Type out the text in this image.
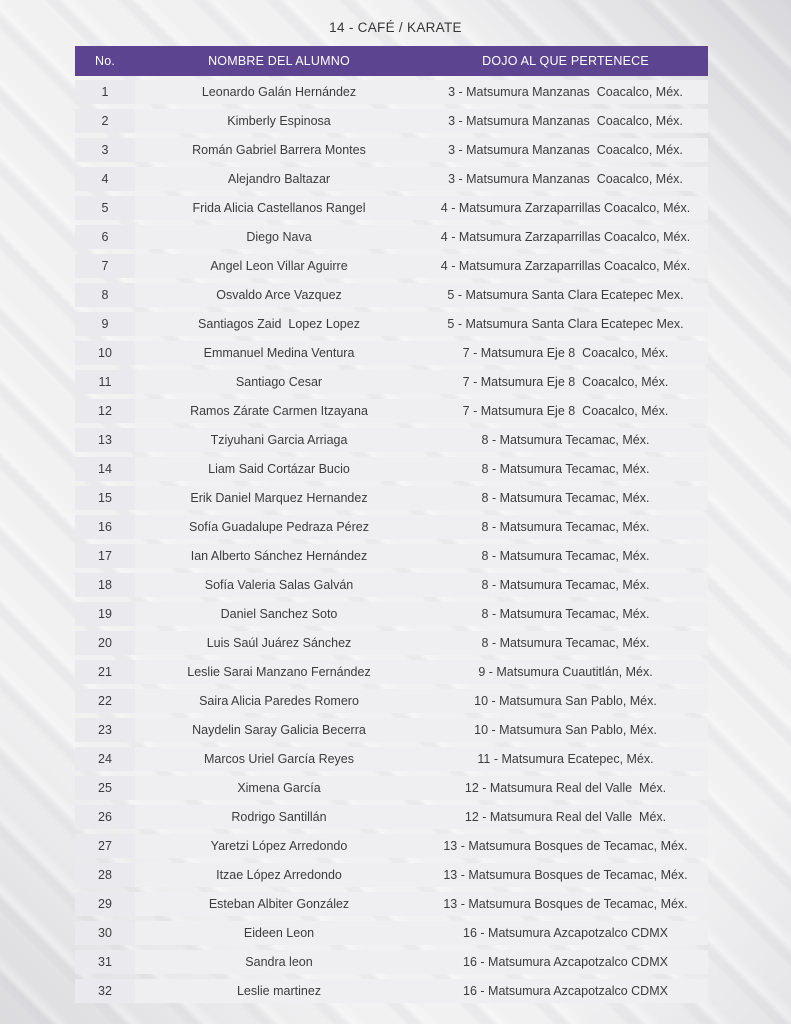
14 - CAFÉ / KARATE
No.	NOMBRE DEL ALUMNO	DOJO AL QUE PERTENECE
1	Leonardo Galán Hernández	3 - Matsumura Manzanas  Coacalco, Méx.
2	Kimberly Espinosa	3 - Matsumura Manzanas  Coacalco, Méx.
3	Román Gabriel Barrera Montes	3 - Matsumura Manzanas  Coacalco, Méx.
4	Alejandro Baltazar	3 - Matsumura Manzanas  Coacalco, Méx.
5	Frida Alicia Castellanos Rangel	4 - Matsumura Zarzaparrillas Coacalco, Méx.
6	Diego Nava	4 - Matsumura Zarzaparrillas Coacalco, Méx.
7	Angel Leon Villar Aguirre	4 - Matsumura Zarzaparrillas Coacalco, Méx.
8	Osvaldo Arce Vazquez	5 - Matsumura Santa Clara Ecatepec Mex.
9	Santiagos Zaid  Lopez Lopez	5 - Matsumura Santa Clara Ecatepec Mex.
10	Emmanuel Medina Ventura	7 - Matsumura Eje 8  Coacalco, Méx.
11	Santiago Cesar	7 - Matsumura Eje 8  Coacalco, Méx.
12	Ramos Zárate Carmen Itzayana	7 - Matsumura Eje 8  Coacalco, Méx.
13	Tziyuhani Garcia Arriaga	8 - Matsumura Tecamac, Méx.
14	Liam Said Cortázar Bucio	8 - Matsumura Tecamac, Méx.
15	Erik Daniel Marquez Hernandez	8 - Matsumura Tecamac, Méx.
16	Sofía Guadalupe Pedraza Pérez	8 - Matsumura Tecamac, Méx.
17	Ian Alberto Sánchez Hernández	8 - Matsumura Tecamac, Méx.
18	Sofía Valeria Salas Galván	8 - Matsumura Tecamac, Méx.
19	Daniel Sanchez Soto	8 - Matsumura Tecamac, Méx.
20	Luis Saúl Juárez Sánchez	8 - Matsumura Tecamac, Méx.
21	Leslie Sarai Manzano Fernández	9 - Matsumura Cuautitlán, Méx.
22	Saira Alicia Paredes Romero	10 - Matsumura San Pablo, Méx.
23	Naydelin Saray Galicia Becerra	10 - Matsumura San Pablo, Méx.
24	Marcos Uriel García Reyes	11 - Matsumura Ecatepec, Méx.
25	Ximena García	12 - Matsumura Real del Valle  Méx.
26	Rodrigo Santillán	12 - Matsumura Real del Valle  Méx.
27	Yaretzi López Arredondo	13 - Matsumura Bosques de Tecamac, Méx.
28	Itzae López Arredondo	13 - Matsumura Bosques de Tecamac, Méx.
29	Esteban Albiter González	13 - Matsumura Bosques de Tecamac, Méx.
30	Eideen Leon	16 - Matsumura Azcapotzalco CDMX
31	Sandra leon	16 - Matsumura Azcapotzalco CDMX
32	Leslie martinez	16 - Matsumura Azcapotzalco CDMX
